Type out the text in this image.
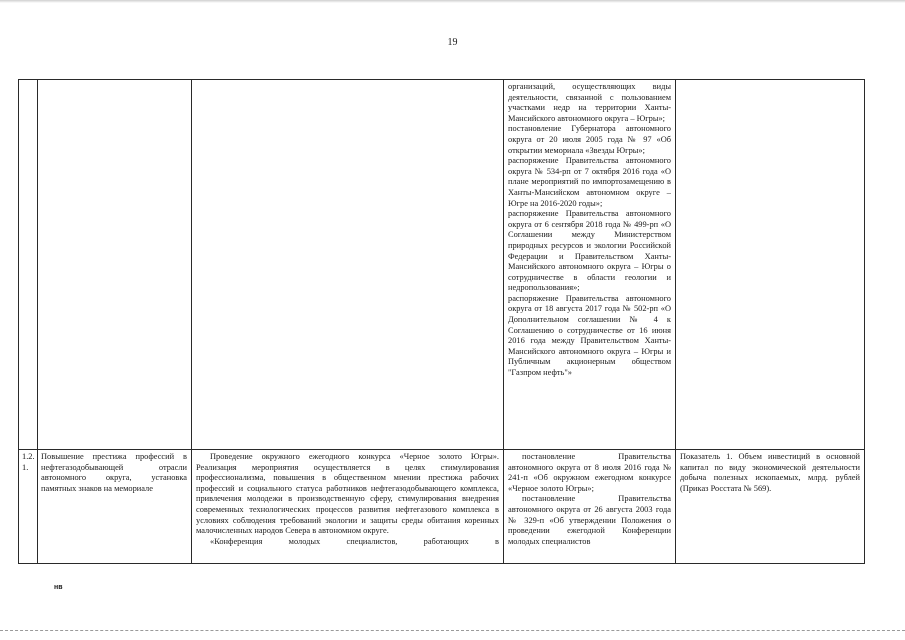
19

организаций, осуществляющих виды деятельности, связанной с пользованием участками недр на территории Ханты-Мансийского автономного округа – Югры»;

постановление Губернатора автономного округа от 20 июля 2005 года № 97 «Об открытии мемориала «Звезды Югры»;

распоряжение Правительства автономного округа № 534-рп от 7 октября 2016 года «О плане мероприятий по импортозамещению в Ханты-Мансийском автономном округе – Югре на 2016-2020 годы»;

распоряжение Правительства автономного округа от 6 сентября 2018 года № 499-рп «О Соглашении между Министерством природных ресурсов и экологии Российской Федерации и Правительством Ханты-Мансийского автономного округа – Югры о сотрудничестве в области геологии и недропользования»;

распоряжение Правительства автономного округа от 18 августа 2017 года № 502-рп «О Дополнительном соглашении № 4 к Соглашению о сотрудничестве от 16 июня 2016 года между Правительством Ханты-Мансийского автономного округа – Югры и Публичным акционерным обществом "Газпром нефть"»

1.2.

1.

Повышение престижа профессий в нефтегазодобывающей отрасли автономного округа, установка памятных знаков на мемориале

Проведение окружного ежегодного конкурса «Черное золото Югры». Реализация мероприятия осуществляется в целях стимулирования профессионализма, повышения в общественном мнении престижа рабочих профессий и социального статуса работников нефтегазодобывающего комплекса, привлечения молодежи в производственную сферу, стимулирования внедрения современных технологических процессов развития нефтегазового комплекса в условиях соблюдения требований экологии и защиты среды обитания коренных малочисленных народов Севера в автономном округе.

«Конференция молодых специалистов, работающих в

постановление Правительства автономного округа от 8 июля 2016 года № 241-п «Об окружном ежегодном конкурсе «Черное золото Югры»;

постановление Правительства автономного округа от 26 августа 2003 года № 329-п «Об утверждении Положения о проведении ежегодной Конференции молодых специалистов

Показатель 1. Объем инвестиций в основной капитал по виду экономической деятельности добыча полезных ископаемых, млрд. рублей (Приказ Росстата № 569).
нв
